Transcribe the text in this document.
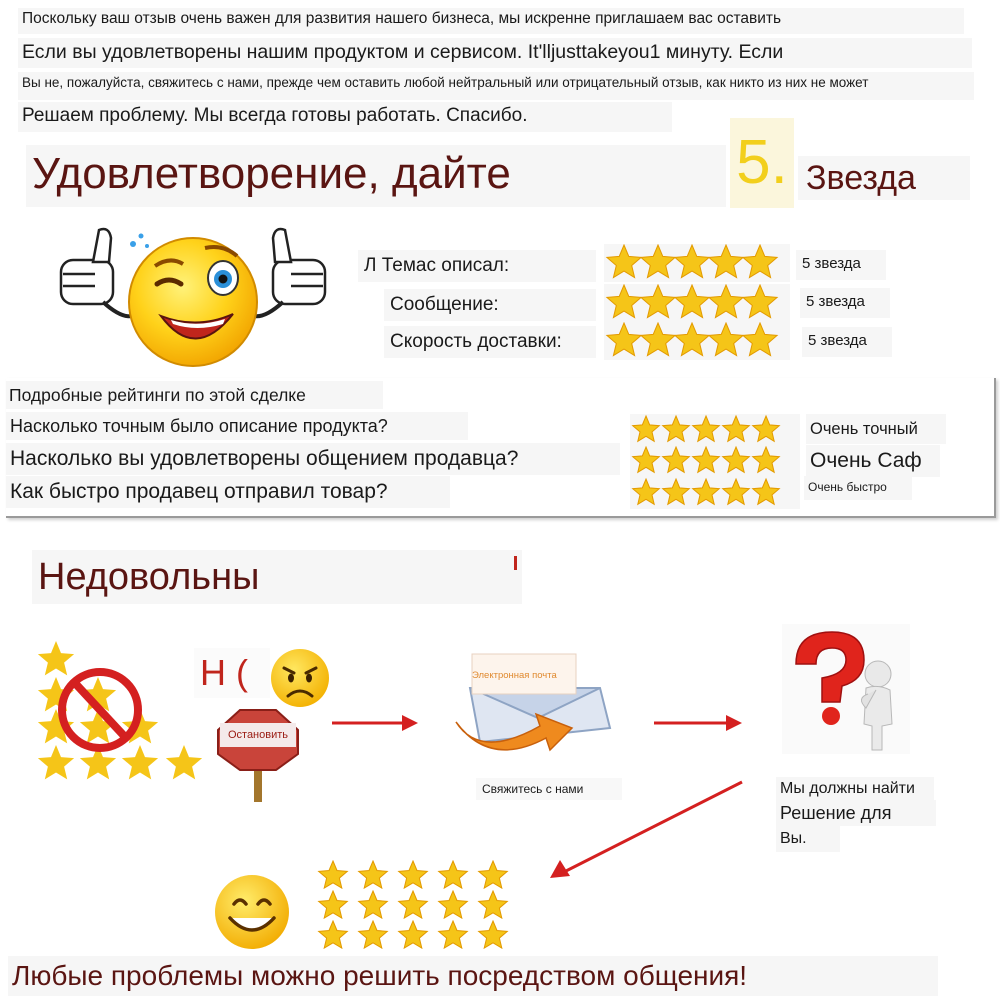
Поскольку ваш отзыв очень важен для развития нашего бизнеса, мы искренне приглашаем вас оставить
Если вы удовлетворены нашим продуктом и сервисом. It'lljusttakeyou1 минуту. Если
Вы не, пожалуйста, свяжитесь с нами, прежде чем оставить любой нейтральный или отрицательный отзыв, как никто из них не может
Решаем проблему. Мы всегда готовы работать. Спасибо.
Удовлетворение, дайте	5. Звезда
Л Темас описал:	5 звезда
Сообщение:	5 звезда
Скорость доставки:	5 звезда
Подробные рейтинги по этой сделке
Насколько точным было описание продукта?	Очень точный
Насколько вы удовлетворены общением продавца?	Очень Саф
Как быстро продавец отправил товар?	Очень быстро
Недовольны
Н (
Остановить
Электронная почта
Свяжитесь с нами	Мы должны найти
Решение для
Вы.
Любые проблемы можно решить посредством общения!
